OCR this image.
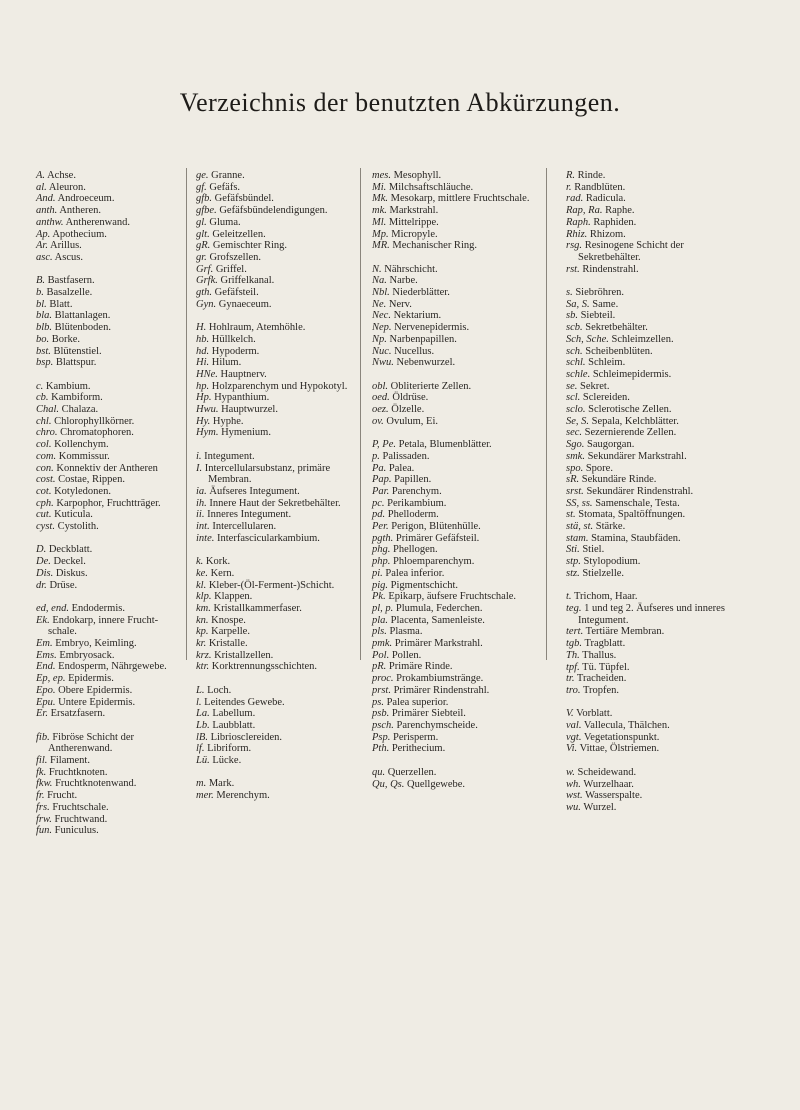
Verzeichnis der benutzten Abkürzungen.
A. Achse.
al. Aleuron.
And. Androeceum.
anth. Antheren.
anthw. Antherenwand.
Ap. Apothecium.
Ar. Arillus.
asc. Ascus.
B. Bastfasern.
b. Basalzelle.
bl. Blatt.
bla. Blattanlagen.
blb. Blütenboden.
bo. Borke.
bst. Blütenstiel.
bsp. Blattspur.
c. Kambium.
cb. Kambiform.
Chal. Chalaza.
chl. Chlorophyllkörner.
chro. Chromatophoren.
col. Kollenchym.
com. Kommissur.
con. Konnektiv der Antheren
cost. Costae, Rippen.
cot. Kotyledonen.
cph. Karpophor, Fruchtträger.
cut. Kuticula.
cyst. Cystolith.
D. Deckblatt.
De. Deckel.
Dis. Diskus.
dr. Drüse.
ed, end. Endodermis.
Ek. Endokarp, innere Frucht-schale.
Em. Embryo, Keimling.
Ems. Embryosack.
End. Endosperm, Nährgewebe.
Ep, ep. Epidermis.
Epo. Obere Epidermis.
Epu. Untere Epidermis.
Er. Ersatzfasern.
fib. Fibröse Schicht der Antherenwand.
fil. Filament.
fk. Fruchtknoten.
fkw. Fruchtknotenwand.
fr. Frucht.
frs. Fruchtschale.
frw. Fruchtwand.
fun. Funiculus.
ge. Granne.
gf. Gefäfs.
gfb. Gefäfsbündel.
gfbe. Gefäfsbündelendigungen.
gl. Gluma.
glt. Geleitzellen.
gR. Gemischter Ring.
gr. Grofszellen.
Grf. Griffel.
Grfk. Griffelkanal.
gth. Gefäfsteil.
Gyn. Gynaeceum.
H. Hohlraum, Atemhöhle.
hb. Hüllkelch.
hd. Hypoderm.
Hi. Hilum.
HNe. Hauptnerv.
hp. Holzparenchym und Hypokotyl.
Hp. Hypanthium.
Hwu. Hauptwurzel.
Hy. Hyphe.
Hym. Hymenium.
i. Integument.
I. Intercellularsubstanz, primäre Membran.
ia. Äufseres Integument.
ih. Innere Haut der Sekretbehälter.
ii. Inneres Integument.
int. Intercellularen.
inte. Interfascicularkambium.
k. Kork.
ke. Kern.
kl. Kleber-(Öl-Ferment-)Schicht.
klp. Klappen.
km. Kristallkammerfaser.
kn. Knospe.
kp. Karpelle.
kr. Kristalle.
krz. Kristallzellen.
ktr. Korktrennungsschichten.
L. Loch.
l. Leitendes Gewebe.
La. Labellum.
Lb. Laubblatt.
lB. Libriosclereiden.
lf. Libriform.
Lü. Lücke.
m. Mark.
mer. Merenchym.
mes. Mesophyll.
Mi. Milchsaftschläuche.
Mk. Mesokarp, mittlere Fruchtschale.
mk. Markstrahl.
Ml. Mittelrippe.
Mp. Micropyle.
MR. Mechanischer Ring.
N. Nährschicht.
Na. Narbe.
Nbl. Niederblätter.
Ne. Nerv.
Nec. Nektarium.
Nep. Nervenepidermis.
Np. Narbenpapillen.
Nuc. Nucellus.
Nwu. Nebenwurzel.
obl. Obliterierte Zellen.
oed. Öldrüse.
oez. Ölzelle.
ov. Ovulum, Ei.
P, Pe. Petala, Blumenblätter.
p. Palissaden.
Pa. Palea.
Pap. Papillen.
Par. Parenchym.
pc. Perikambium.
pd. Phelloderm.
Per. Perigon, Blütenhülle.
pgth. Primärer Gefäfsteil.
phg. Phellogen.
php. Phloemparenchym.
pi. Palea inferior.
pig. Pigmentschicht.
Pk. Epikarp, äufsere Fruchtschale.
pl, p. Plumula, Federchen.
pla. Placenta, Samenleiste.
pls. Plasma.
pmk. Primärer Markstrahl.
Pol. Pollen.
pR. Primäre Rinde.
proc. Prokambiumstränge.
prst. Primärer Rindenstrahl.
ps. Palea superior.
psb. Primärer Siebteil.
psch. Parenchymscheide.
Psp. Perisperm.
Pth. Perithecium.
qu. Querzellen.
Qu, Qs. Quellgewebe.
R. Rinde.
r. Randblüten.
rad. Radicula.
Rap, Ra. Raphe.
Raph. Raphiden.
Rhiz. Rhizom.
rsg. Resinogene Schicht der Sekretbehälter.
rst. Rindenstrahl.
s. Siebröhren.
Sa, S. Same.
sb. Siebteil.
scb. Sekretbehälter.
Sch, Sche. Schleimzellen.
sch. Scheibenblüten.
schl. Schleim.
schle. Schleimepidermis.
se. Sekret.
scl. Sclereiden.
sclo. Sclerotische Zellen.
Se, S. Sepala, Kelchblätter.
sec. Sezernierende Zellen.
Sgo. Saugorgan.
smk. Sekundärer Markstrahl.
spo. Spore.
sR. Sekundäre Rinde.
srst. Sekundärer Rindenstrahl.
SS, ss. Samenschale, Testa.
st. Stomata, Spaltöffnungen.
stä, st. Stärke.
stam. Stamina, Staubfäden.
Sti. Stiel.
stp. Stylopodium.
stz. Stielzelle.
t. Trichom, Haar.
teg. 1 und teg 2. Äufseres und inneres Integument.
tert. Tertiäre Membran.
tgb. Tragblatt.
Th. Thallus.
tpf. Tü. Tüpfel.
tr. Tracheiden.
tro. Tropfen.
V. Vorblatt.
val. Vallecula, Thälchen.
vgt. Vegetationspunkt.
Vi. Vittae, Ölstriemen.
w. Scheidewand.
wh. Wurzelhaar.
wst. Wasserspalte.
wu. Wurzel.
